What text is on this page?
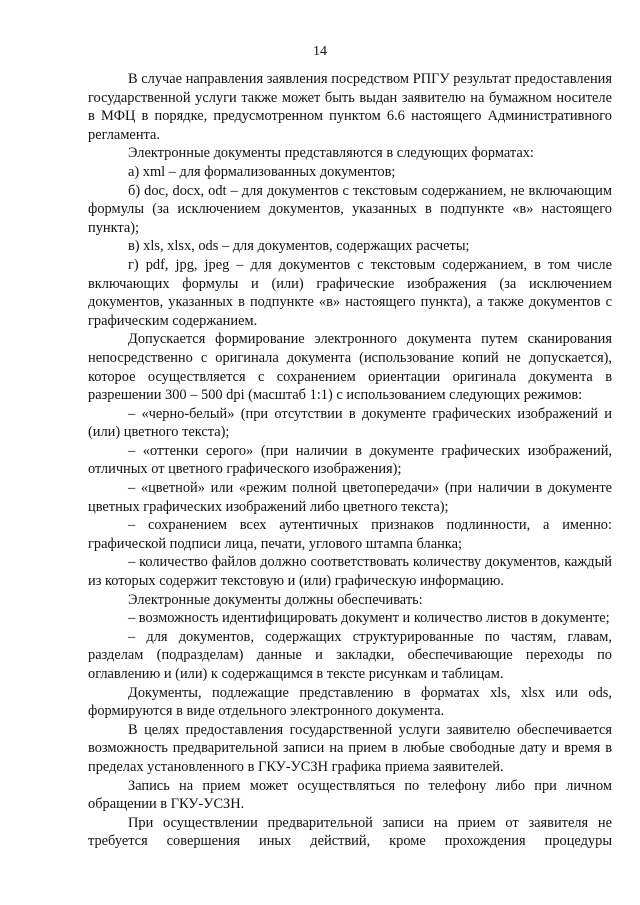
14

В случае направления заявления посредством РПГУ результат предоставления государственной услуги также может быть выдан заявителю на бумажном носителе в МФЦ в порядке, предусмотренном пунктом 6.6 настоящего Административного регламента.

Электронные документы представляются в следующих форматах:

а) xml – для формализованных документов;

б) doc, docx, odt – для документов с текстовым содержанием, не включающим формулы (за исключением документов, указанных в подпункте «в» настоящего пункта);

в) xls, xlsx, ods – для документов, содержащих расчеты;

г) pdf, jpg, jpeg – для документов с текстовым содержанием, в том числе включающих формулы и (или) графические изображения (за исключением документов, указанных в подпункте «в» настоящего пункта), а также документов с графическим содержанием.

Допускается формирование электронного документа путем сканирования непосредственно с оригинала документа (использование копий не допускается), которое осуществляется с сохранением ориентации оригинала документа в разрешении 300 – 500 dpi (масштаб 1:1) с использованием следующих режимов:

– «черно-белый» (при отсутствии в документе графических изображений и (или) цветного текста);

– «оттенки серого» (при наличии в документе графических изображений, отличных от цветного графического изображения);

– «цветной» или «режим полной цветопередачи» (при наличии в документе цветных графических изображений либо цветного текста);

– сохранением всех аутентичных признаков подлинности, а именно: графической подписи лица, печати, углового штампа бланка;

– количество файлов должно соответствовать количеству документов, каждый из которых содержит текстовую и (или) графическую информацию.

Электронные документы должны обеспечивать:

– возможность идентифицировать документ и количество листов в документе;

– для документов, содержащих структурированные по частям, главам, разделам (подразделам) данные и закладки, обеспечивающие переходы по оглавлению и (или) к содержащимся в тексте рисункам и таблицам.

Документы, подлежащие представлению в форматах xls, xlsx или ods, формируются в виде отдельного электронного документа.

В целях предоставления государственной услуги заявителю обеспечивается возможность предварительной записи на прием в любые свободные дату и время в пределах установленного в ГКУ-УСЗН графика приема заявителей.

Запись на прием может осуществляться по телефону либо при личном обращении в ГКУ-УСЗН.

При осуществлении предварительной записи на прием от заявителя не требуется совершения иных действий, кроме прохождения процедуры
